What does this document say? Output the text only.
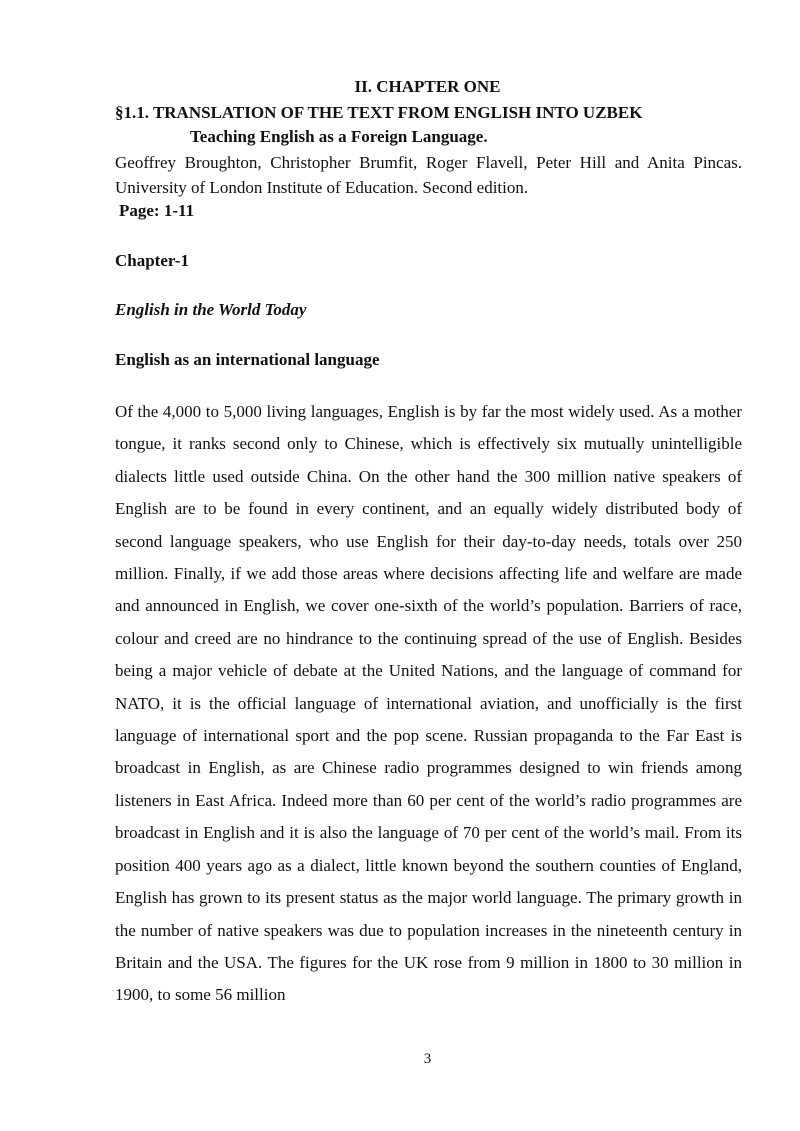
II. CHAPTER ONE

§1.1. TRANSLATION OF THE TEXT FROM ENGLISH INTO UZBEK

Teaching English as a Foreign Language.

Geoffrey Broughton, Christopher Brumfit, Roger Flavell, Peter Hill and Anita Pincas. University of London Institute of Education. Second edition.

Page: 1-11

Chapter-1

English in the World Today

English as an international language

Of the 4,000 to 5,000 living languages, English is by far the most widely used. As a mother tongue, it ranks second only to Chinese, which is effectively six mutually unintelligible dialects little used outside China. On the other hand the 300 million native speakers of English are to be found in every continent, and an equally widely distributed body of second language speakers, who use English for their day-to-day needs, totals over 250 million. Finally, if we add those areas where decisions affecting life and welfare are made and announced in English, we cover one-sixth of the world’s population. Barriers of race, colour and creed are no hindrance to the continuing spread of the use of English. Besides being a major vehicle of debate at the United Nations, and the language of command for NATO, it is the official language of international aviation, and unofficially is the first language of international sport and the pop scene. Russian propaganda to the Far East is broadcast in English, as are Chinese radio programmes designed to win friends among listeners in East Africa. Indeed more than 60 per cent of the world’s radio programmes are broadcast in English and it is also the language of 70 per cent of the world’s mail. From its position 400 years ago as a dialect, little known beyond the southern counties of England, English has grown to its present status as the major world language. The primary growth in the number of native speakers was due to population increases in the nineteenth century in Britain and the USA. The figures for the UK rose from 9 million in 1800 to 30 million in 1900, to some 56 million

3
